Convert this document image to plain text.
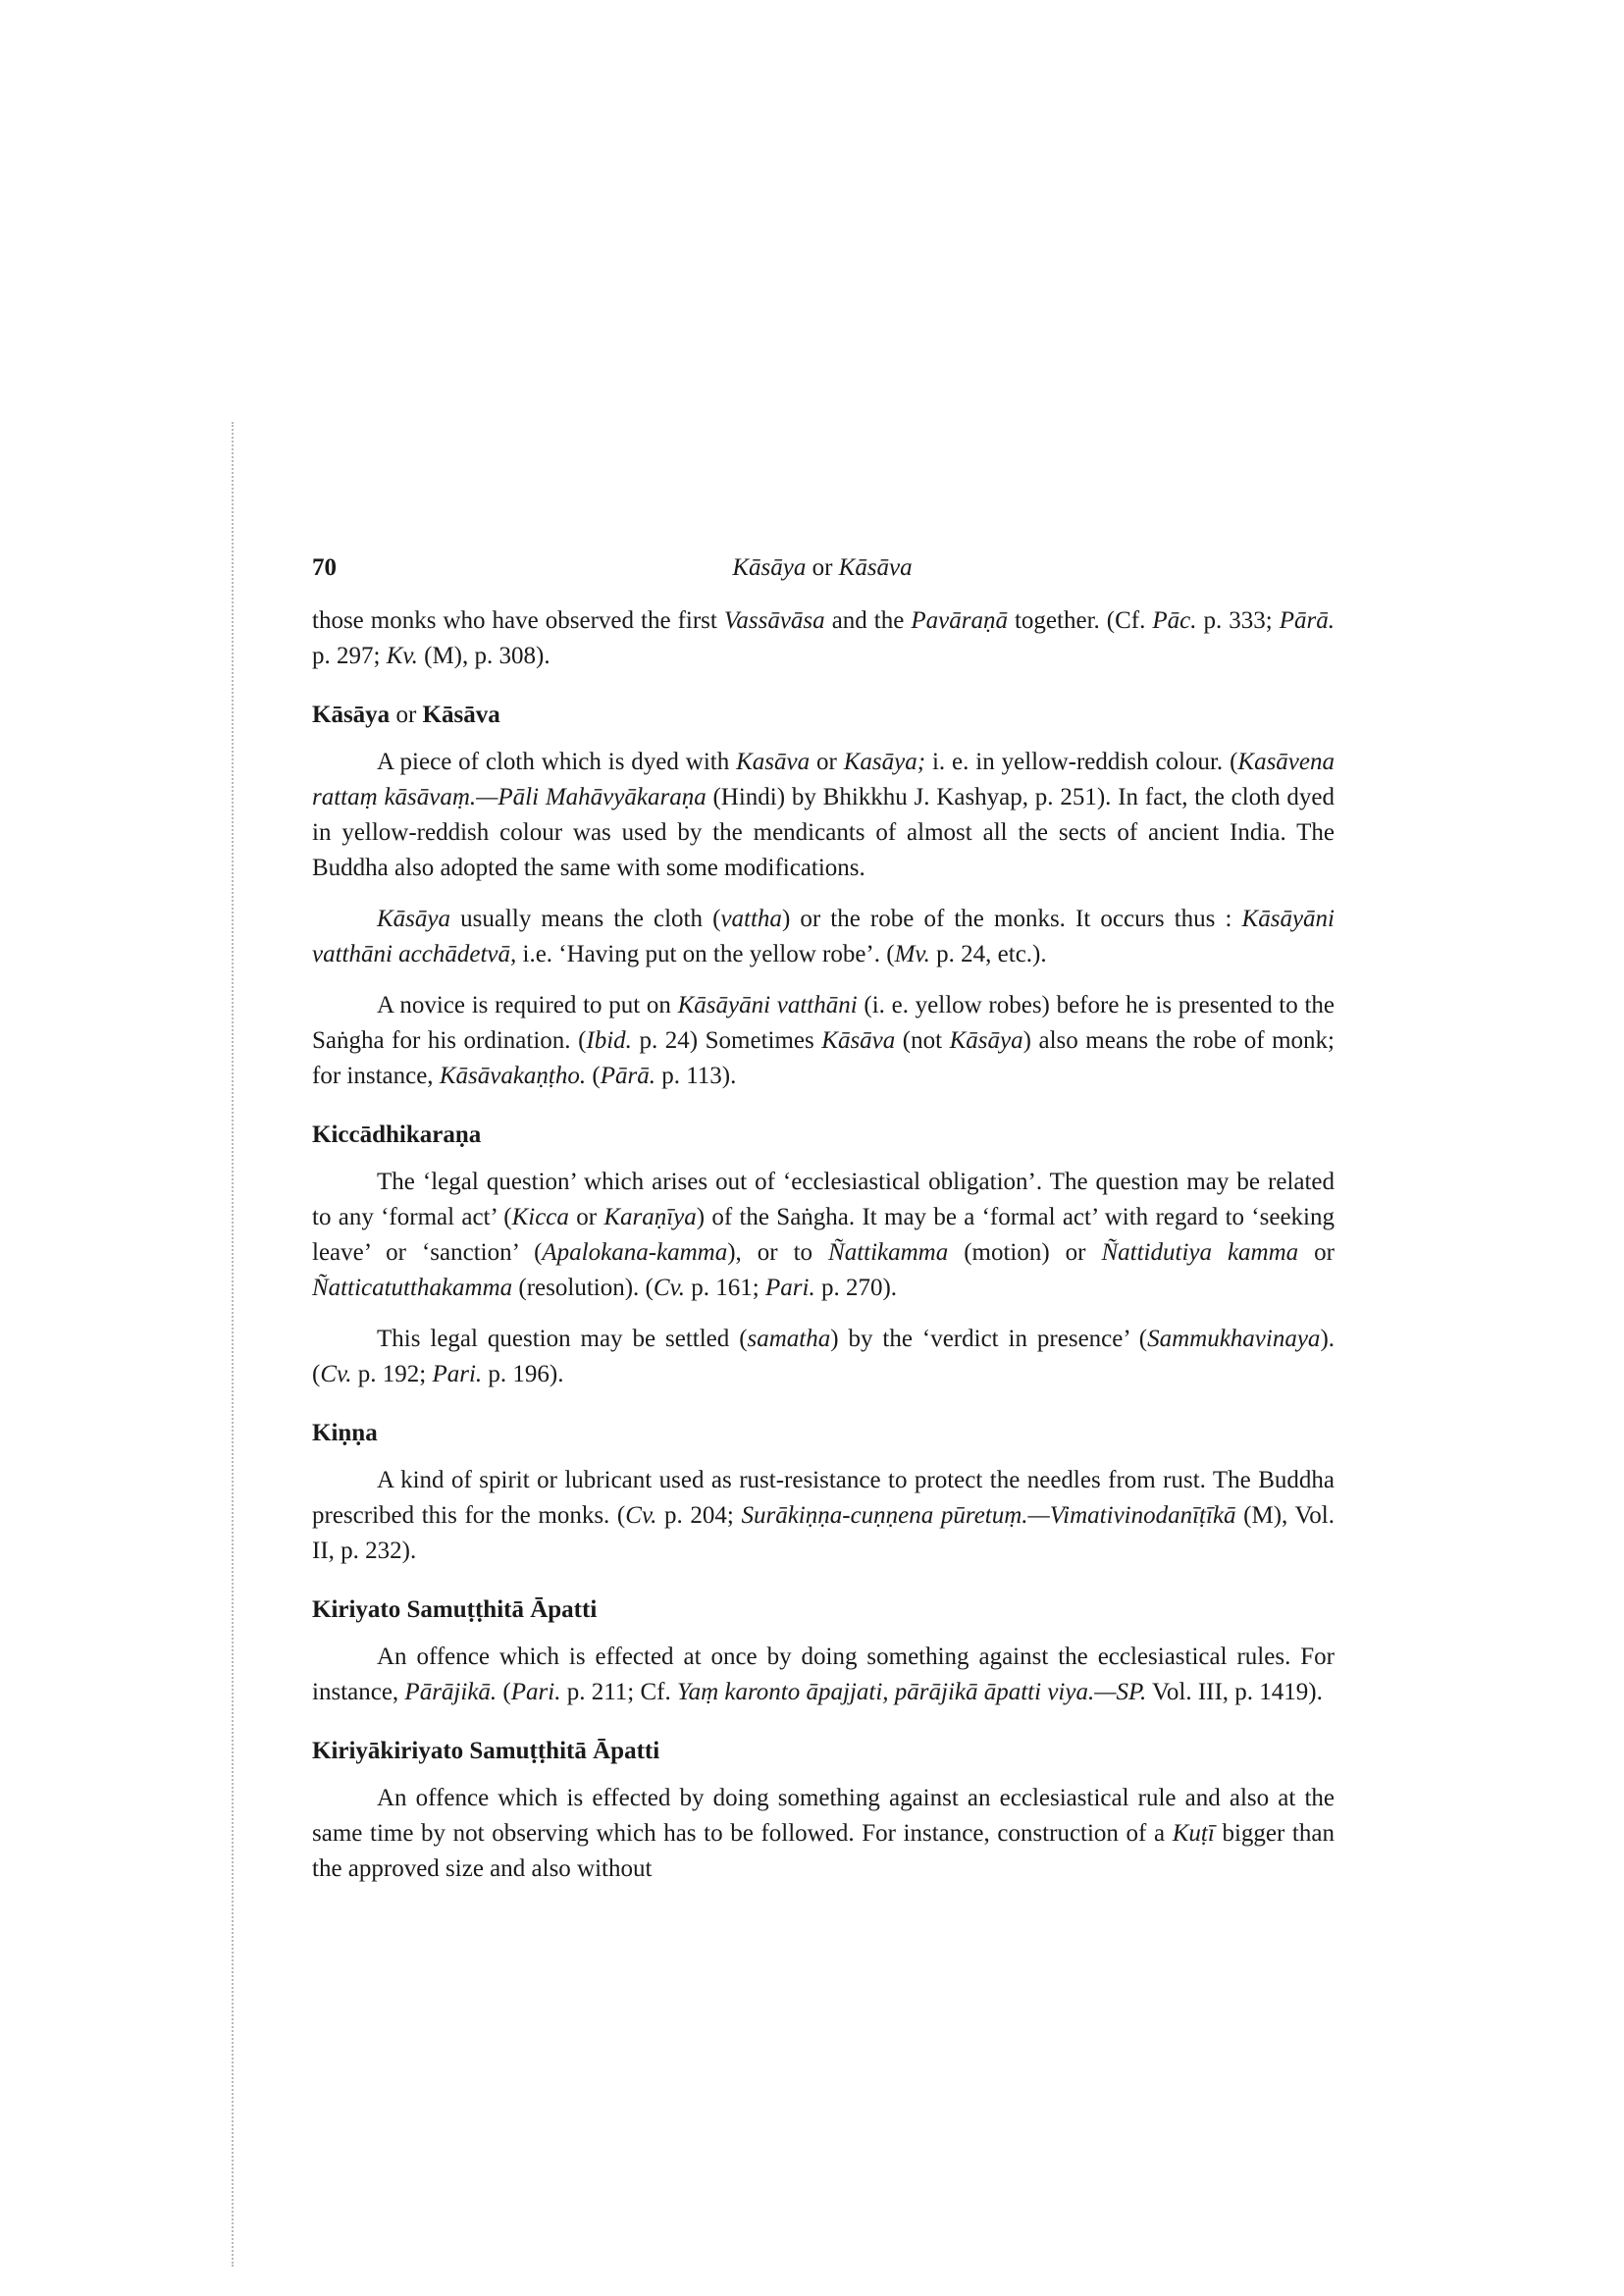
70	Kāsāya or Kāsāva

those monks who have observed the first Vassāvāsa and the Pavāraṇā together. (Cf. Pāc. p. 333; Pārā. p. 297; Kv. (M), p. 308).

Kāsāya or Kāsāva

A piece of cloth which is dyed with Kasāva or Kasāya; i. e. in yellow-reddish colour. (Kasāvena rattaṃ kāsāvaṃ.—Pāli Mahāvyākaraṇa (Hindi) by Bhikkhu J. Kashyap, p. 251). In fact, the cloth dyed in yellow-reddish colour was used by the mendicants of almost all the sects of ancient India. The Buddha also adopted the same with some modifications.

Kāsāya usually means the cloth (vattha) or the robe of the monks. It occurs thus : Kāsāyāni vatthāni acchādetvā, i.e. ‘Having put on the yellow robe’. (Mv. p. 24, etc.).

A novice is required to put on Kāsāyāni vatthāni (i. e. yellow robes) before he is presented to the Saṅgha for his ordination. (Ibid. p. 24) Sometimes Kāsāva (not Kāsāya) also means the robe of monk; for instance, Kāsāvakaṇṭho. (Pārā. p. 113).

Kiccādhikaraṇa

The ‘legal question’ which arises out of ‘ecclesiastical obligation’. The question may be related to any ‘formal act’ (Kicca or Karaṇīya) of the Saṅgha. It may be a ‘formal act’ with regard to ‘seeking leave’ or ‘sanction’ (Apalokana-kamma), or to Ñattikamma (motion) or Ñattidutiya kamma or Ñatticatutthakamma (resolution). (Cv. p. 161; Pari. p. 270).

This legal question may be settled (samatha) by the ‘verdict in presence’ (Sammukhavinaya). (Cv. p. 192; Pari. p. 196).

Kiṇṇa

A kind of spirit or lubricant used as rust-resistance to protect the needles from rust. The Buddha prescribed this for the monks. (Cv. p. 204; Surākiṇṇa-cuṇṇena pūretuṃ.—Vimativinodanīṭīkā (M), Vol. II, p. 232).

Kiriyato Samuṭṭhitā Āpatti

An offence which is effected at once by doing something against the ecclesiastical rules. For instance, Pārājikā. (Pari. p. 211; Cf. Yaṃ karonto āpajjati, pārājikā āpatti viya.—SP. Vol. III, p. 1419).

Kiriyākiriyato Samuṭṭhitā Āpatti

An offence which is effected by doing something against an ecclesiastical rule and also at the same time by not observing which has to be followed. For instance, construction of a Kuṭī bigger than the approved size and also without
